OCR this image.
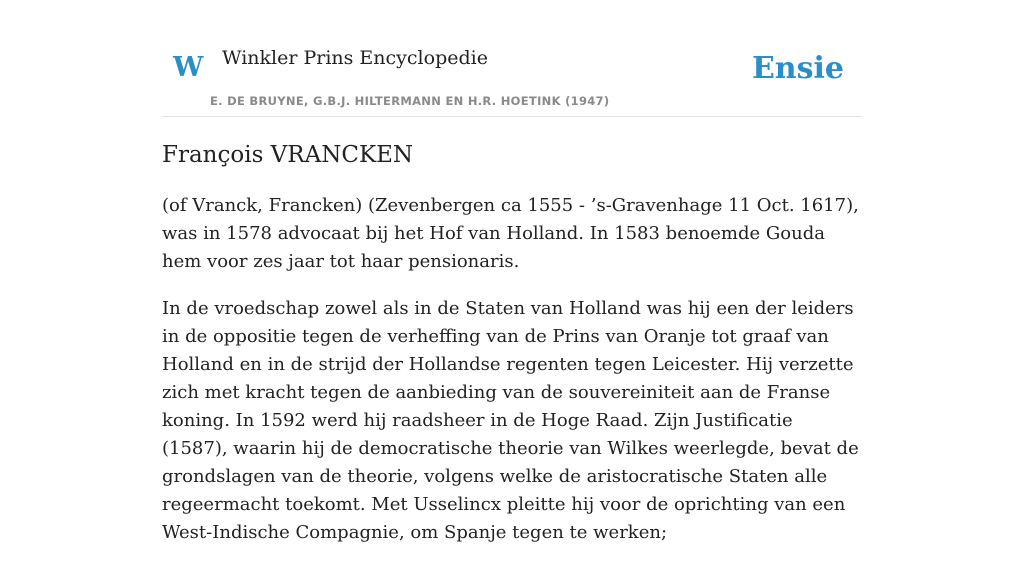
W Winkler Prins Encyclopedie
E. DE BRUYNE, G.B.J. HILTERMANN EN H.R. HOETINK (1947)
Ensie
François VRANCKEN

(of Vranck, Francken) (Zevenbergen ca 1555 - ’s-Gravenhage 11 Oct. 1617), was in 1578 advocaat bij het Hof van Holland. In 1583 benoemde Gouda hem voor zes jaar tot haar pensionaris.

In de vroedschap zowel als in de Staten van Holland was hij een der leiders in de oppositie tegen de verheffing van de Prins van Oranje tot graaf van Holland en in de strijd der Hollandse regenten tegen Leicester. Hij verzette zich met kracht tegen de aanbieding van de souvereiniteit aan de Franse koning. In 1592 werd hij raadsheer in de Hoge Raad. Zijn Justificatie (1587), waarin hij de democratische theorie van Wilkes weerlegde, bevat de grondslagen van de theorie, volgens welke de aristocratische Staten alle regeermacht toekomt. Met Usselincx pleitte hij voor de oprichting van een West-Indische Compagnie, om Spanje tegen te werken;
